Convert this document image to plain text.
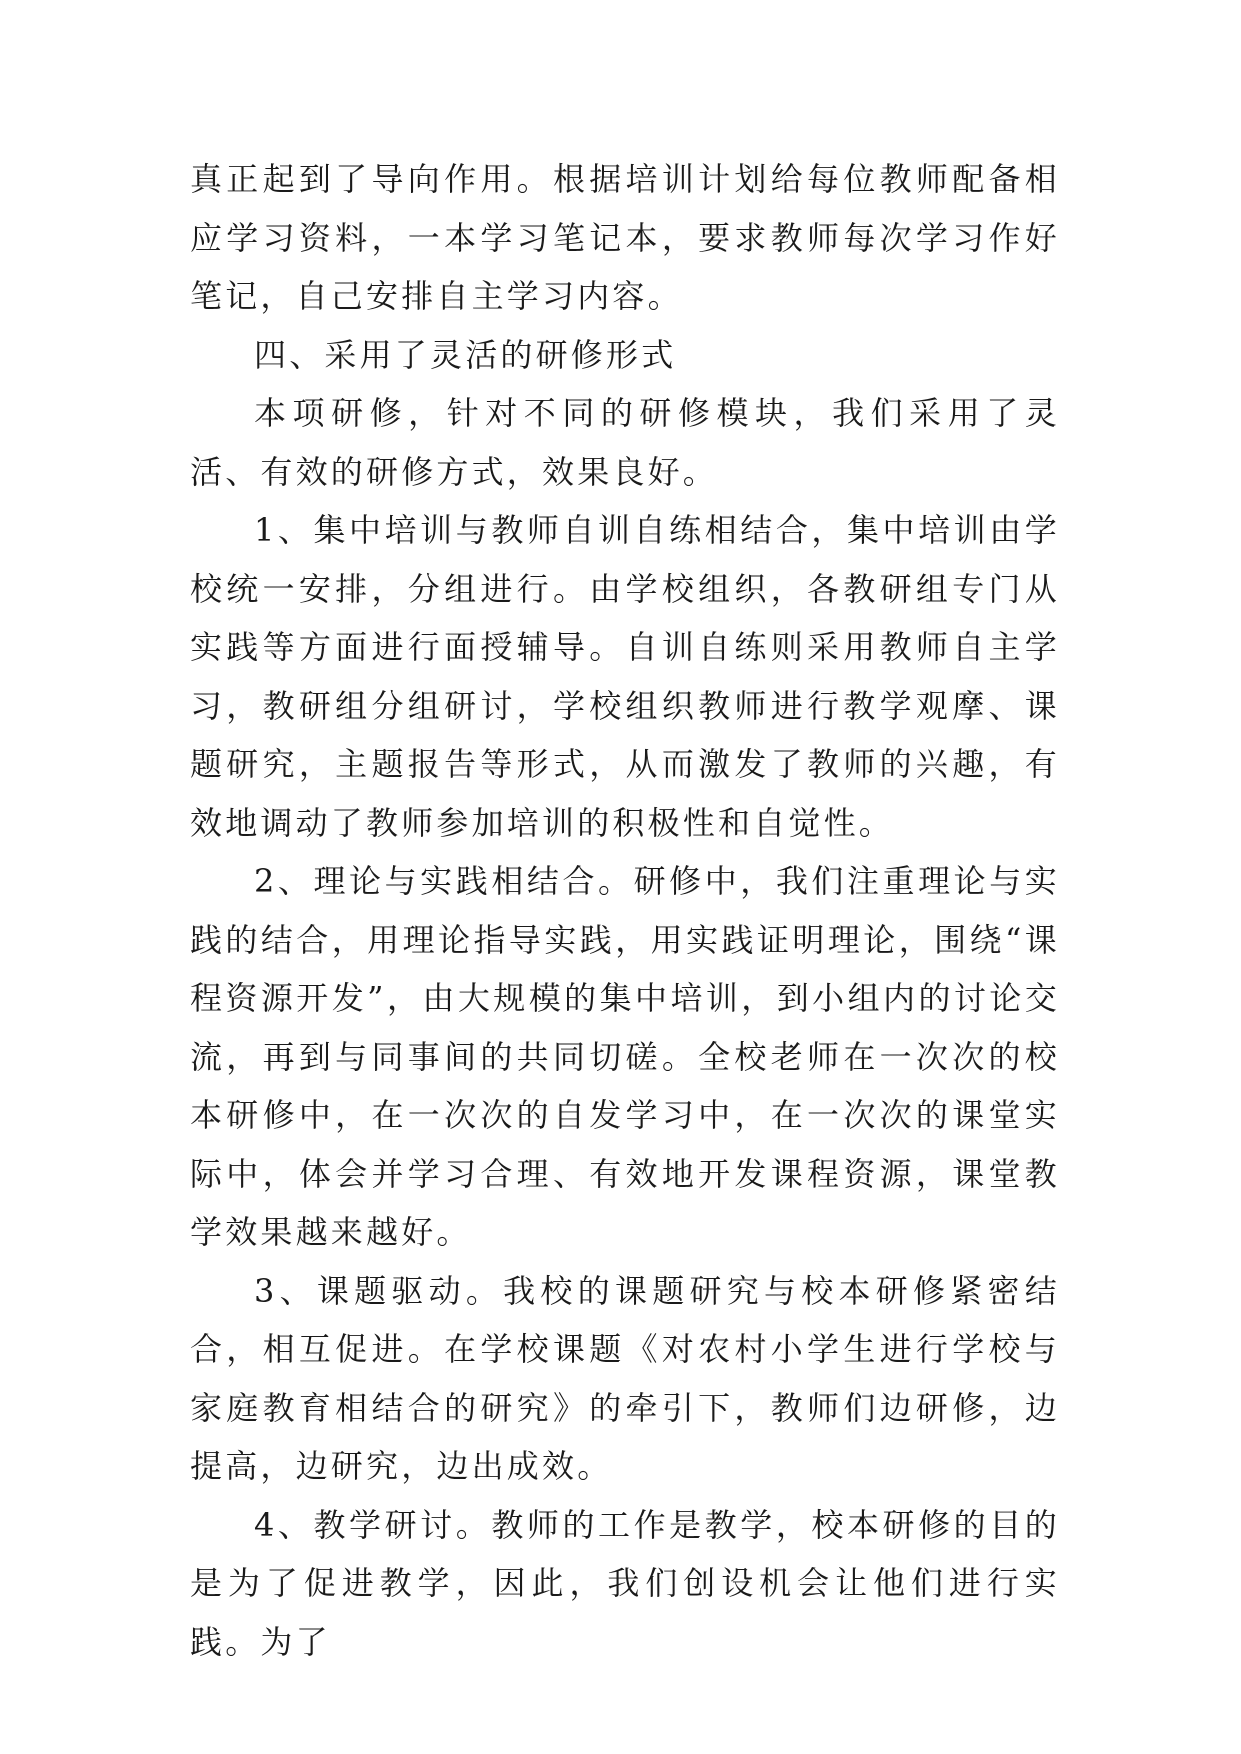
真正起到了导向作用。根据培训计划给每位教师配备相应学习资料，一本学习笔记本，要求教师每次学习作好笔记，自己安排自主学习内容。

四、采用了灵活的研修形式

本项研修，针对不同的研修模块，我们采用了灵活、有效的研修方式，效果良好。

1、集中培训与教师自训自练相结合，集中培训由学校统一安排，分组进行。由学校组织，各教研组专门从实践等方面进行面授辅导。自训自练则采用教师自主学习，教研组分组研讨，学校组织教师进行教学观摩、课题研究，主题报告等形式，从而激发了教师的兴趣，有效地调动了教师参加培训的积极性和自觉性。

2、理论与实践相结合。研修中，我们注重理论与实践的结合，用理论指导实践，用实践证明理论，围绕“课程资源开发”，由大规模的集中培训，到小组内的讨论交流，再到与同事间的共同切磋。全校老师在一次次的校本研修中，在一次次的自发学习中，在一次次的课堂实际中，体会并学习合理、有效地开发课程资源，课堂教学效果越来越好。

3、课题驱动。我校的课题研究与校本研修紧密结合，相互促进。在学校课题《对农村小学生进行学校与家庭教育相结合的研究》的牵引下，教师们边研修，边提高，边研究，边出成效。

4、教学研讨。教师的工作是教学，校本研修的目的是为了促进教学，因此，我们创设机会让他们进行实践。为了
